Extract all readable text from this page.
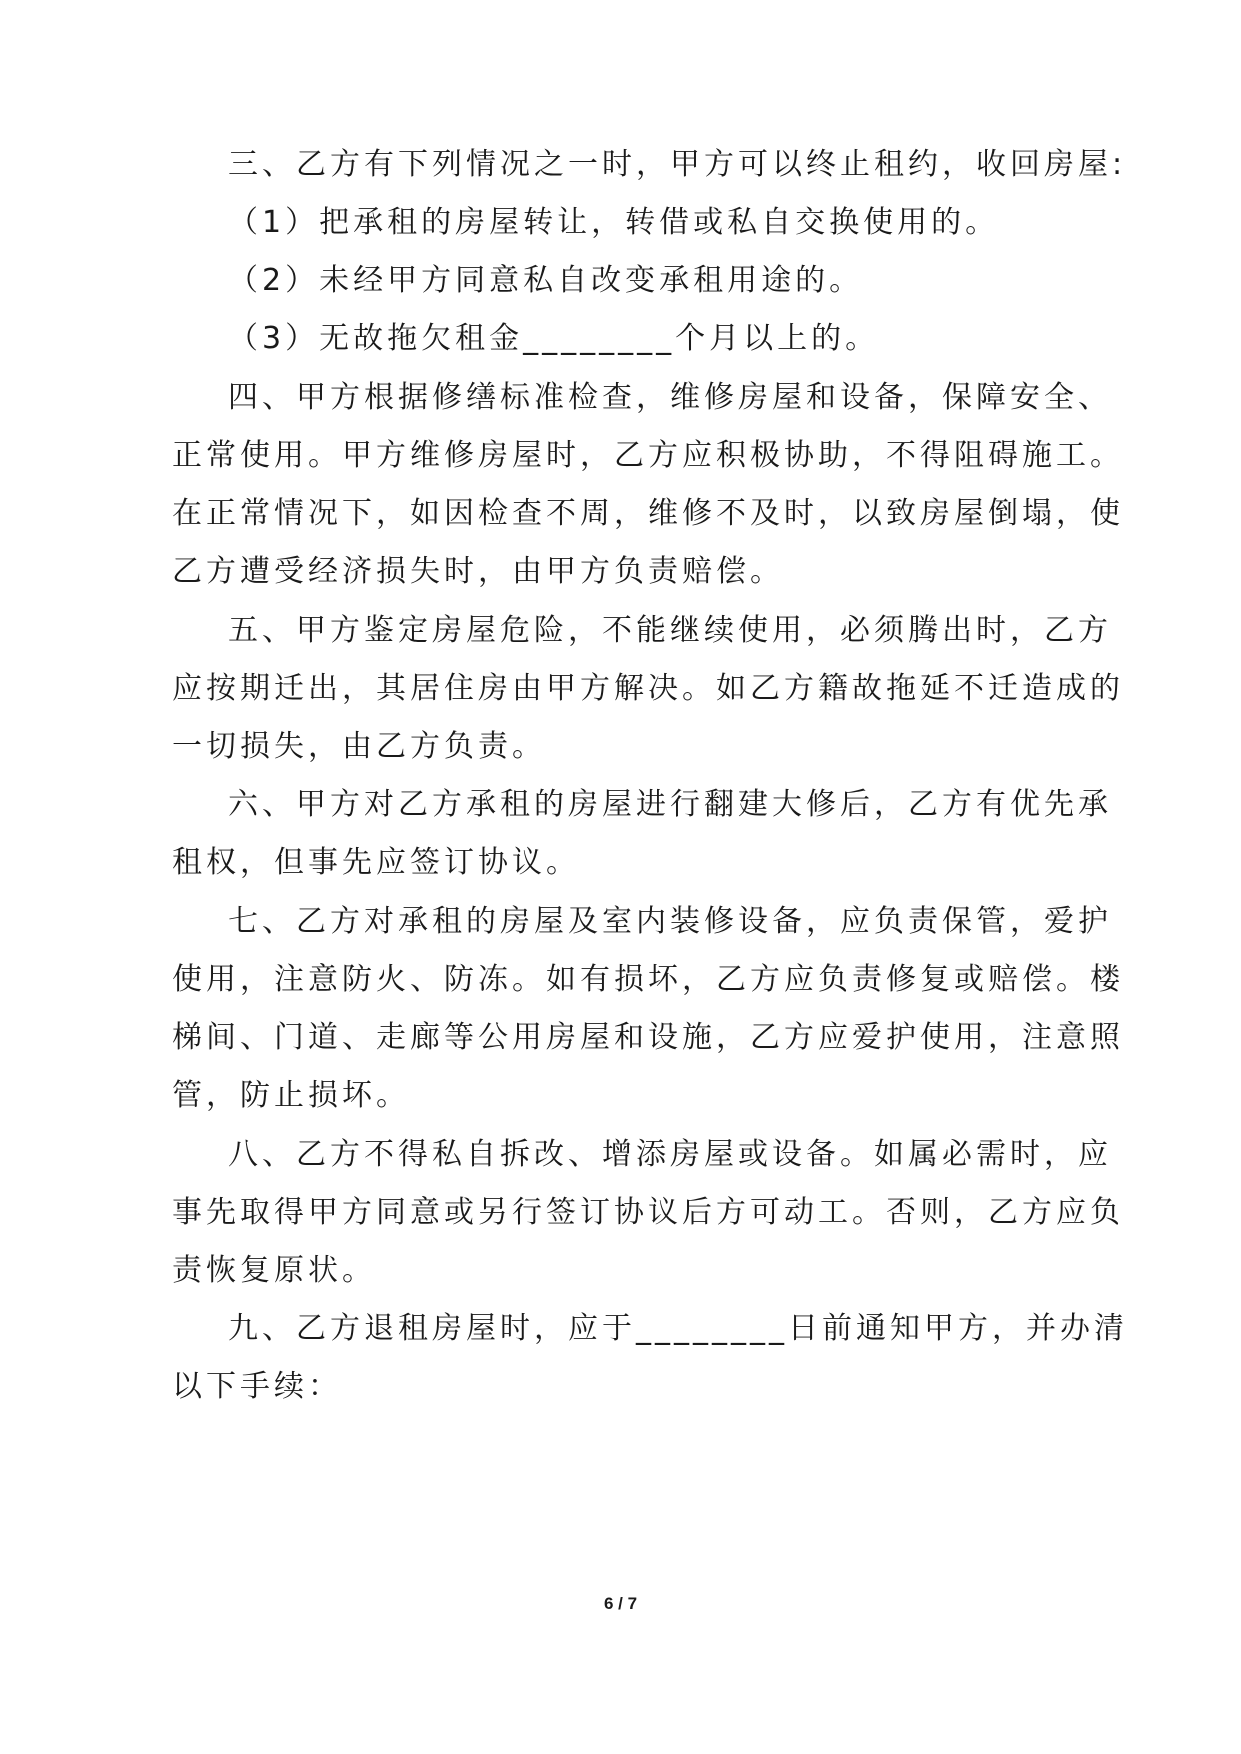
三、乙方有下列情况之一时，甲方可以终止租约，收回房屋:
（1）把承租的房屋转让，转借或私自交换使用的。
（2）未经甲方同意私自改变承租用途的。
（3）无故拖欠租金________个月以上的。
四、甲方根据修缮标准检查，维修房屋和设备，保障安全、
正常使用。甲方维修房屋时，乙方应积极协助，不得阻碍施工。
在正常情况下，如因检查不周，维修不及时，以致房屋倒塌，使
乙方遭受经济损失时，由甲方负责赔偿。
五、甲方鉴定房屋危险，不能继续使用，必须腾出时，乙方
应按期迁出，其居住房由甲方解决。如乙方籍故拖延不迁造成的
一切损失，由乙方负责。
六、甲方对乙方承租的房屋进行翻建大修后，乙方有优先承
租权，但事先应签订协议。
七、乙方对承租的房屋及室内装修设备，应负责保管，爱护
使用，注意防火、防冻。如有损坏，乙方应负责修复或赔偿。楼
梯间、门道、走廊等公用房屋和设施，乙方应爱护使用，注意照
管，防止损坏。
八、乙方不得私自拆改、增添房屋或设备。如属必需时，应
事先取得甲方同意或另行签订协议后方可动工。否则，乙方应负
责恢复原状。
九、乙方退租房屋时，应于________日前通知甲方，并办清
以下手续：
6 / 7
